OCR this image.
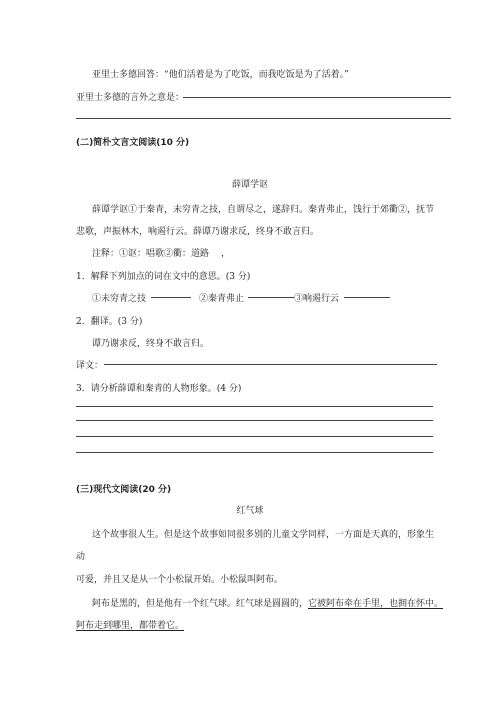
亚里士多德回答：“他们活着是为了吃饭，而我吃饭是为了活着。”
亚里士多德的言外之意是：
(二)简朴文言文阅读(10 分)
薛谭学讴
薛谭学讴①于秦青，未穷青之技，自谓尽之，遂辞归。秦青弗止，饯行于郊衢②，抚节
悲歌，声振林木，响遏行云。薛谭乃谢求反，终身不敢言归。
注释：①讴：唱歌②衢：道路 ，
1．解释下列加点的词在文中的意思。(3 分)
①未穷青之技	②秦青弗止	③响遏行云
2．翻译。(3 分)
谭乃谢求反，终身不敢言归。
译文：
3．请分析薛谭和秦青的人物形象。(4 分)
(三)现代文阅读(20 分)
红气球
这个故事很人生。但是这个故事如同很多别的儿童文学同样，一方面是天真的，形象生
动
可爱，并且又是从一个小松鼠开始。小松鼠叫阿布。
阿布是黑的，但是他有一个红气球。红气球是圆圆的，它被阿布牵在手里，也拥在怀中。
阿布走到哪里，都带着它。
